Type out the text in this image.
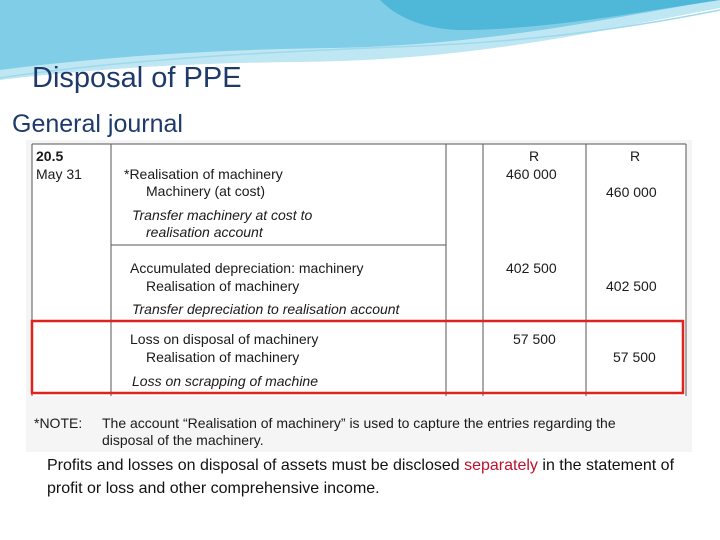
Disposal of PPE
General journal
20.5
May 31
R	R
*Realisation of machinery
Machinery (at cost)
Transfer machinery at cost to
realisation account
460 000
460 000
Accumulated depreciation: machinery
Realisation of machinery
Transfer depreciation to realisation account
402 500
402 500
Loss on disposal of machinery
Realisation of machinery
Loss on scrapping of machine
57 500
57 500
*NOTE: The account “Realisation of machinery” is used to capture the entries regarding the
disposal of the machinery.
Profits and losses on disposal of assets must be disclosed separately in the statement of profit or loss and other comprehensive income.
